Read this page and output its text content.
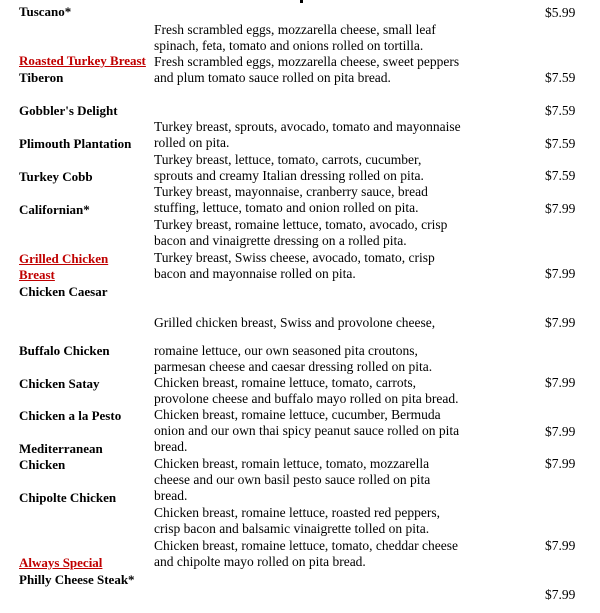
Tuscano*
Roasted Turkey Breast
Tiberon
Gobbler's Delight
Plimouth Plantation
Turkey Cobb
Californian*
Grilled Chicken
Breast
Chicken Caesar
Buffalo Chicken
Chicken Satay
Chicken a la Pesto
Mediterranean
Chicken
Chipolte Chicken
Always Special
Philly Cheese Steak*
Fresh scrambled eggs, mozzarella cheese, small leaf
spinach, feta, tomato and onions rolled on tortilla.
Fresh scrambled eggs, mozzarella cheese, sweet peppers
and plum tomato sauce rolled on pita bread.
Turkey breast, sprouts, avocado, tomato and mayonnaise
rolled on pita.
Turkey breast, lettuce, tomato, carrots, cucumber,
sprouts and creamy Italian dressing rolled on pita.
Turkey breast, mayonnaise, cranberry sauce, bread
stuffing, lettuce, tomato and onion rolled on pita.
Turkey breast, romaine lettuce, tomato, avocado, crisp
bacon and vinaigrette dressing on a rolled pita.
Turkey breast, Swiss cheese, avocado, tomato, crisp
bacon and mayonnaise rolled on pita.
Grilled chicken breast, Swiss and provolone cheese,
romaine lettuce, our own seasoned pita croutons,
parmesan cheese and caesar dressing rolled on pita.
Chicken breast, romaine lettuce, tomato, carrots,
provolone cheese and buffalo mayo rolled on pita bread.
Chicken breast, romaine lettuce, cucumber, Bermuda
onion and our own thai spicy peanut sauce rolled on pita
bread.
Chicken breast, romain lettuce, tomato, mozzarella
cheese and our own basil pesto sauce rolled on pita
bread.
Chicken breast, romaine lettuce, roasted red peppers,
crisp bacon and balsamic vinaigrette tolled on pita.
Chicken breast, romaine lettuce, tomato, cheddar cheese
and chipolte mayo rolled on pita bread.
$5.99
$7.59
$7.59
$7.59
$7.59
$7.99
$7.99
$7.99
$7.99
$7.99
$7.99
$7.99
$7.99
